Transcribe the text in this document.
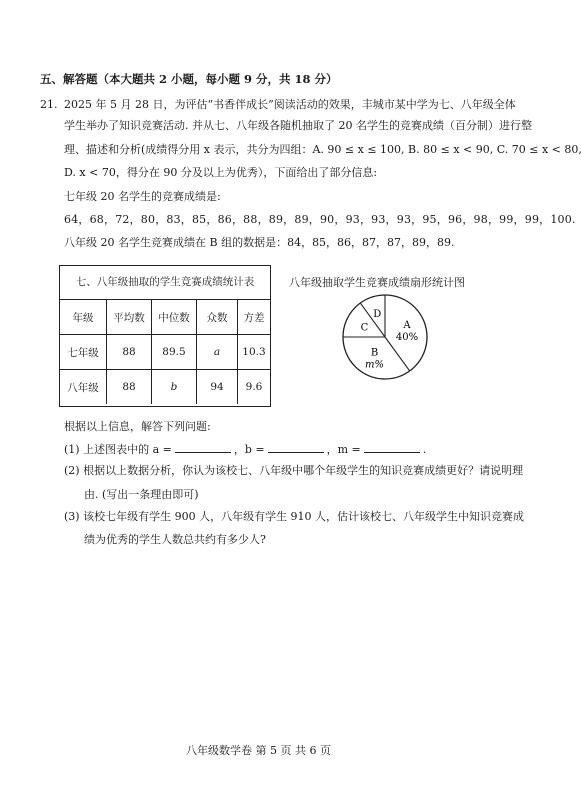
五、解答题（本大题共 2 小题，每小题 9 分，共 18 分）
21. 2025 年 5 月 28 日，为评估“书香伴成长”阅读活动的效果，丰城市某中学为七、八年级全体
学生举办了知识竞赛活动. 并从七、八年级各随机抽取了 20 名学生的竞赛成绩（百分制）进行整
理、描述和分析(成绩得分用 x 表示，共分为四组：A. 90 ≤ x ≤ 100, B. 80 ≤ x < 90, C. 70 ≤ x < 80,
D. x < 70，得分在 90 分及以上为优秀），下面给出了部分信息:
七年级 20 名学生的竞赛成绩是:
64，68，72，80，83，85，86，88，89，89，90，93，93，93，95，96，98，99，99，100.
八年级 20 名学生竞赛成绩在 B 组的数据是：84，85，86，87，87，89，89.
七、八年级抽取的学生竞赛成绩统计表
年级	平均数	中位数	众数	方差
七年级	88	89.5	a	10.3
八年级	88	b	94	9.6
八年级抽取学生竞赛成绩扇形统计图
A
40%
B
m%
C
D
根据以上信息，解答下列问题:
(1) 上述图表中的 a =	，b =	，m =	.
(2) 根据以上数据分析，你认为该校七、八年级中哪个年级学生的知识竞赛成绩更好？请说明理
由. (写出一条理由即可)
(3) 该校七年级有学生 900 人，八年级有学生 910 人，估计该校七、八年级学生中知识竞赛成
绩为优秀的学生人数总共约有多少人?
八年级数学卷 第 5 页 共 6 页
